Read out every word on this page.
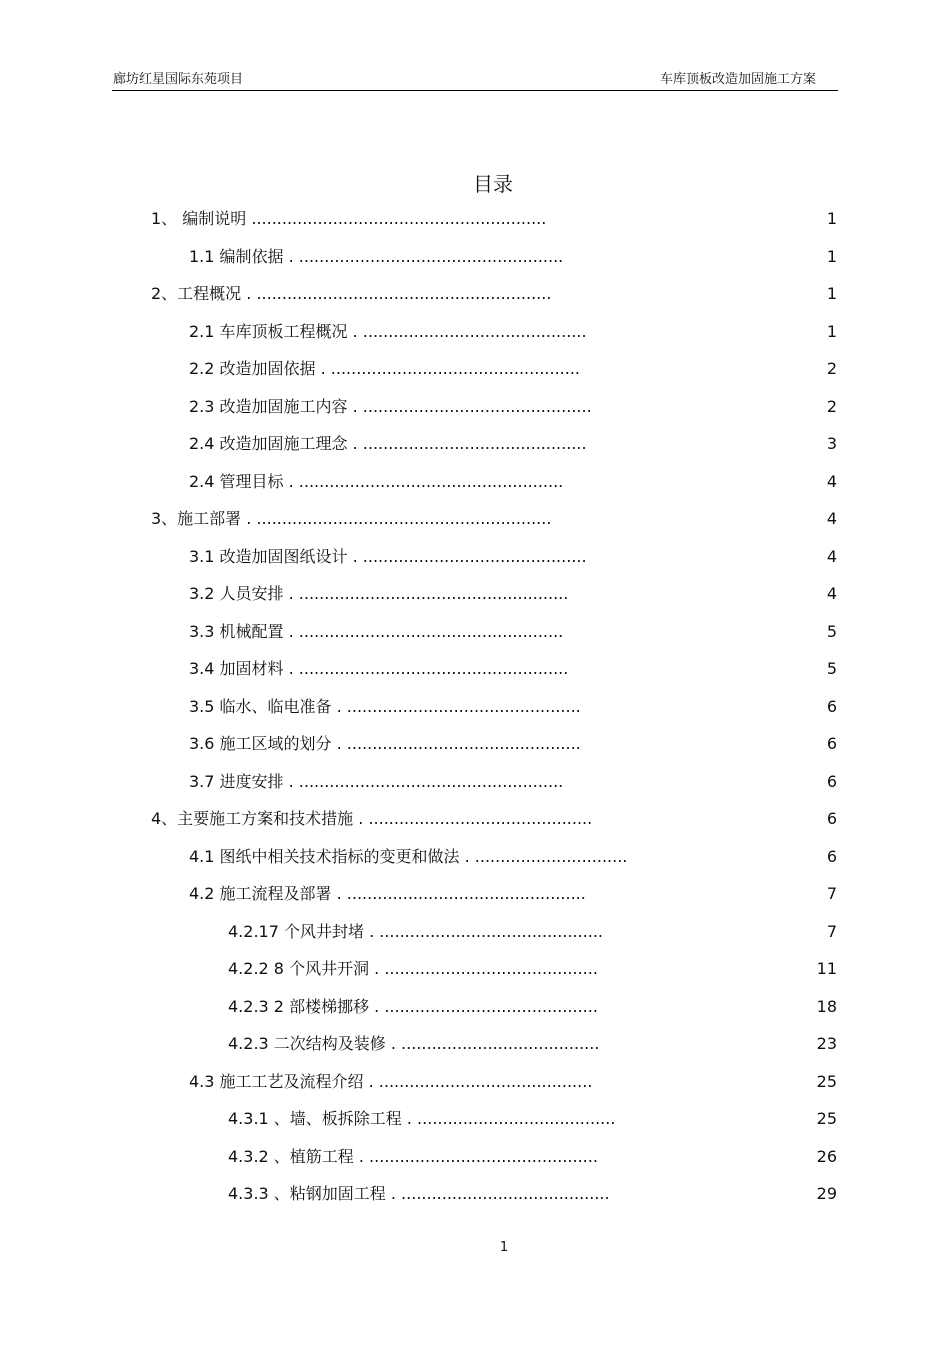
廊坊红星国际东苑项目	车库顶板改造加固施工方案
目录
1、 编制说明 ..........................................................	1
1.1 编制依据 . ....................................................	1
2、工程概况 . ..........................................................	1
2.1 车库顶板工程概况 . ............................................	1
2.2 改造加固依据 . .................................................	2
2.3 改造加固施工内容 . .............................................	2
2.4 改造加固施工理念 . ............................................	3
2.4 管理目标 . ....................................................	4
3、施工部署 . ..........................................................	4
3.1 改造加固图纸设计 . ............................................	4
3.2 人员安排 . .....................................................	4
3.3 机械配置 . ....................................................	5
3.4 加固材料 . .....................................................	5
3.5 临水、临电准备 . ..............................................	6
3.6 施工区域的划分 . ..............................................	6
3.7 进度安排 . ....................................................	6
4、主要施工方案和技术措施 . ............................................	6
4.1 图纸中相关技术指标的变更和做法 . ..............................	6
4.2 施工流程及部署 . ...............................................	7
4.2.17 个风井封堵 . ............................................	7
4.2.2 8 个风井开洞 . ..........................................	11
4.2.3 2 部楼梯挪移 . ..........................................	18
4.2.3 二次结构及装修 . .......................................	23
4.3 施工工艺及流程介绍 . ..........................................	25
4.3.1 、墙、板拆除工程 . .......................................	25
4.3.2 、植筋工程 . .............................................	26
4.3.3 、粘钢加固工程 . .........................................	29
1
